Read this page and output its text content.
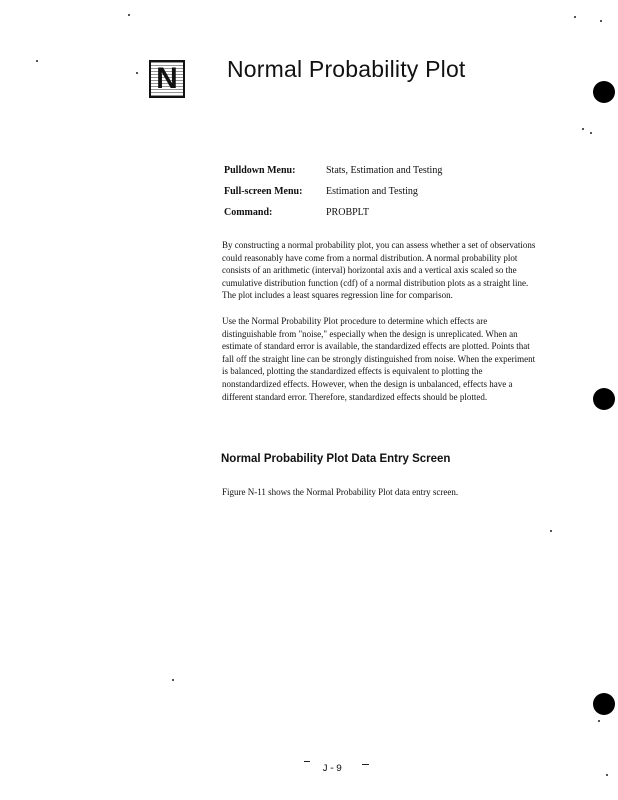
N Normal Probability Plot
Pulldown Menu:	Stats, Estimation and Testing
Full-screen Menu:	Estimation and Testing
Command:	PROBPLT

By constructing a normal probability plot, you can assess whether a set of observations could reasonably have come from a normal distribution. A normal probability plot consists of an arithmetic (interval) horizontal axis and a vertical axis scaled so the cumulative distribution function (cdf) of a normal distribution plots as a straight line. The plot includes a least squares regression line for comparison.

Use the Normal Probability Plot procedure to determine which effects are distinguishable from "noise," especially when the design is unreplicated. When an estimate of standard error is available, the standardized effects are plotted. Points that fall off the straight line can be strongly distinguished from noise. When the experiment is balanced, plotting the standardized effects is equivalent to plotting the nonstandardized effects. However, when the design is unbalanced, effects have a different standard error. Therefore, standardized effects should be plotted.

Normal Probability Plot Data Entry Screen

Figure N-11 shows the Normal Probability Plot data entry screen.

J-9
